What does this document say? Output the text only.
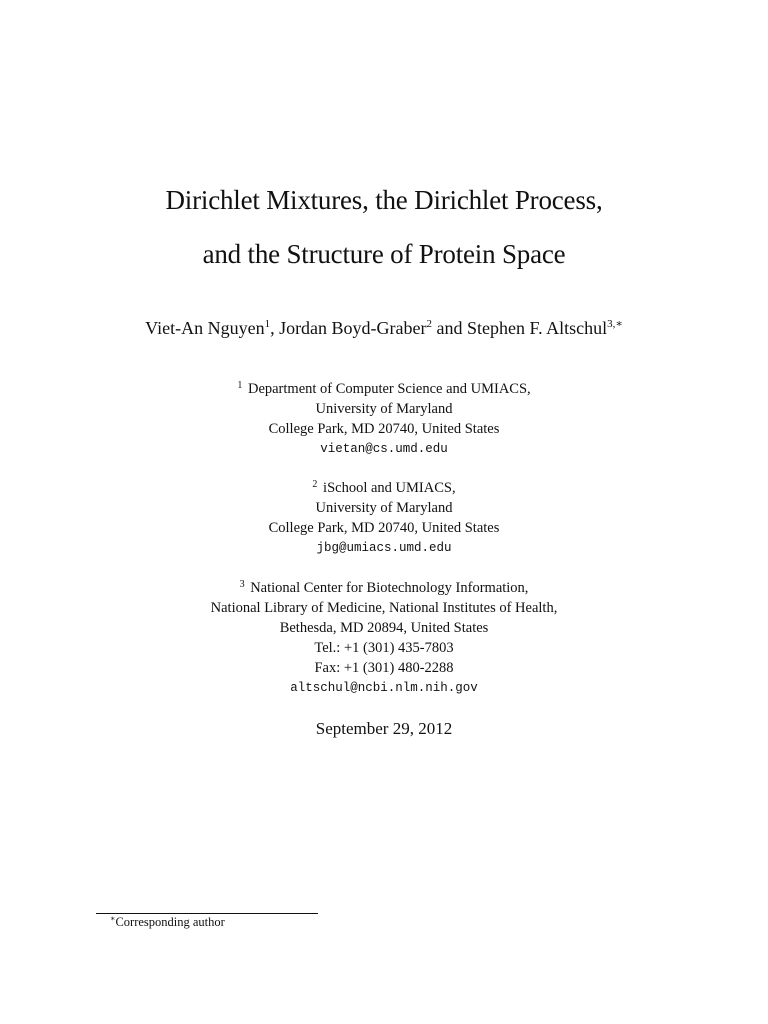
Dirichlet Mixtures, the Dirichlet Process,
and the Structure of Protein Space
Viet-An Nguyen$^1$, Jordan Boyd-Graber$^2$ and Stephen F. Altschul$^{3,∗}$
$^1$ Department of Computer Science and UMIACS,
University of Maryland
College Park, MD 20740, United States
vietan@cs.umd.edu
$^2$ iSchool and UMIACS,
University of Maryland
College Park, MD 20740, United States
jbg@umiacs.umd.edu
$^3$ National Center for Biotechnology Information,
National Library of Medicine, National Institutes of Health,
Bethesda, MD 20894, United States
Tel.: +1 (301) 435-7803
Fax: +1 (301) 480-2288
altschul@ncbi.nlm.nih.gov
September 29, 2012
∗Corresponding author
